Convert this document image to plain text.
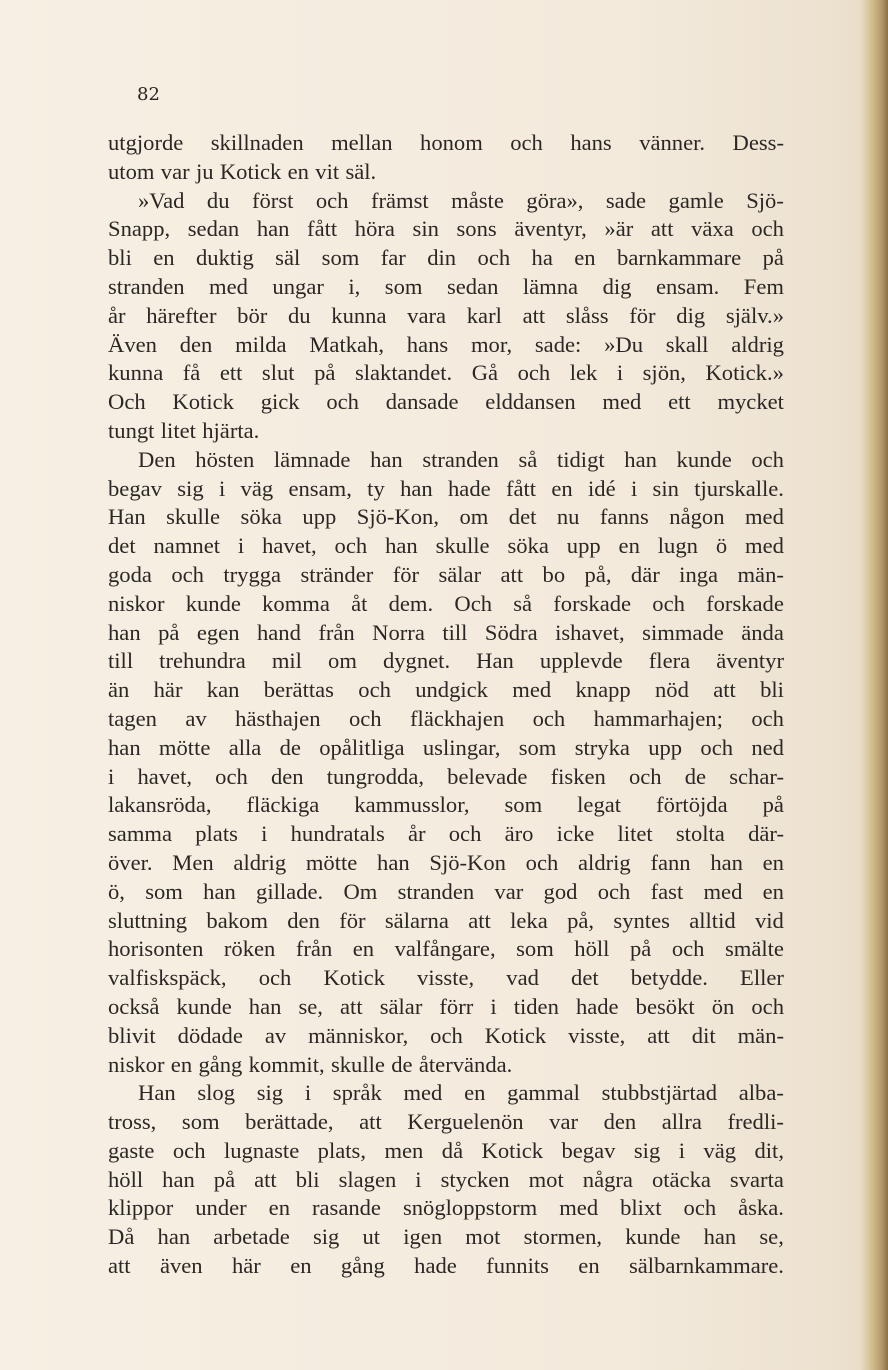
82
utgjorde skillnaden mellan honom och hans vänner. Dess-
utom var ju Kotick en vit säl.
»Vad du först och främst måste göra», sade gamle Sjö-
Snapp, sedan han fått höra sin sons äventyr, »är att växa och
bli en duktig säl som far din och ha en barnkammare på
stranden med ungar i, som sedan lämna dig ensam. Fem
år härefter bör du kunna vara karl att slåss för dig själv.»
Även den milda Matkah, hans mor, sade: »Du skall aldrig
kunna få ett slut på slaktandet. Gå och lek i sjön, Kotick.»
Och Kotick gick och dansade elddansen med ett mycket
tungt litet hjärta.
Den hösten lämnade han stranden så tidigt han kunde och
begav sig i väg ensam, ty han hade fått en idé i sin tjurskalle.
Han skulle söka upp Sjö-Kon, om det nu fanns någon med
det namnet i havet, och han skulle söka upp en lugn ö med
goda och trygga stränder för sälar att bo på, där inga män-
niskor kunde komma åt dem. Och så forskade och forskade
han på egen hand från Norra till Södra ishavet, simmade ända
till trehundra mil om dygnet. Han upplevde flera äventyr
än här kan berättas och undgick med knapp nöd att bli
tagen av hästhajen och fläckhajen och hammarhajen; och
han mötte alla de opålitliga uslingar, som stryka upp och ned
i havet, och den tungrodda, belevade fisken och de schar-
lakansröda, fläckiga kammusslor, som legat förtöjda på
samma plats i hundratals år och äro icke litet stolta där-
över. Men aldrig mötte han Sjö-Kon och aldrig fann han en
ö, som han gillade. Om stranden var god och fast med en
sluttning bakom den för sälarna att leka på, syntes alltid vid
horisonten röken från en valfångare, som höll på och smälte
valfiskspäck, och Kotick visste, vad det betydde. Eller
också kunde han se, att sälar förr i tiden hade besökt ön och
blivit dödade av människor, och Kotick visste, att dit män-
niskor en gång kommit, skulle de återvända.
Han slog sig i språk med en gammal stubbstjärtad alba-
tross, som berättade, att Kerguelenön var den allra fredli-
gaste och lugnaste plats, men då Kotick begav sig i väg dit,
höll han på att bli slagen i stycken mot några otäcka svarta
klippor under en rasande snögloppstorm med blixt och åska.
Då han arbetade sig ut igen mot stormen, kunde han se,
att även här en gång hade funnits en sälbarnkammare.
